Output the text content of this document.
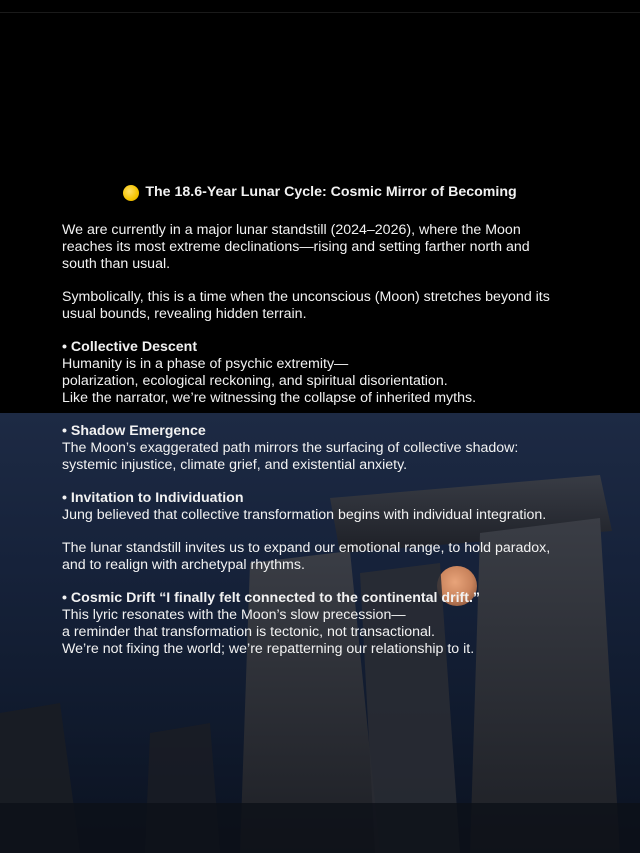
The 18.6-Year Lunar Cycle: Cosmic Mirror of Becoming

We are currently in a major lunar standstill (2024–2026), where the Moon
reaches its most extreme declinations—rising and setting farther north and
south than usual.

Symbolically, this is a time when the unconscious (Moon) stretches beyond its
usual bounds, revealing hidden terrain.

• Collective Descent
Humanity is in a phase of psychic extremity—
polarization, ecological reckoning, and spiritual disorientation.
Like the narrator, we’re witnessing the collapse of inherited myths.

• Shadow Emergence
The Moon’s exaggerated path mirrors the surfacing of collective shadow:
systemic injustice, climate grief, and existential anxiety.

• Invitation to Individuation
Jung believed that collective transformation begins with individual integration.

The lunar standstill invites us to expand our emotional range, to hold paradox,
and to realign with archetypal rhythms.

• Cosmic Drift “I finally felt connected to the continental drift.”
This lyric resonates with the Moon’s slow precession—
a reminder that transformation is tectonic, not transactional.
We’re not fixing the world; we’re repatterning our relationship to it.
